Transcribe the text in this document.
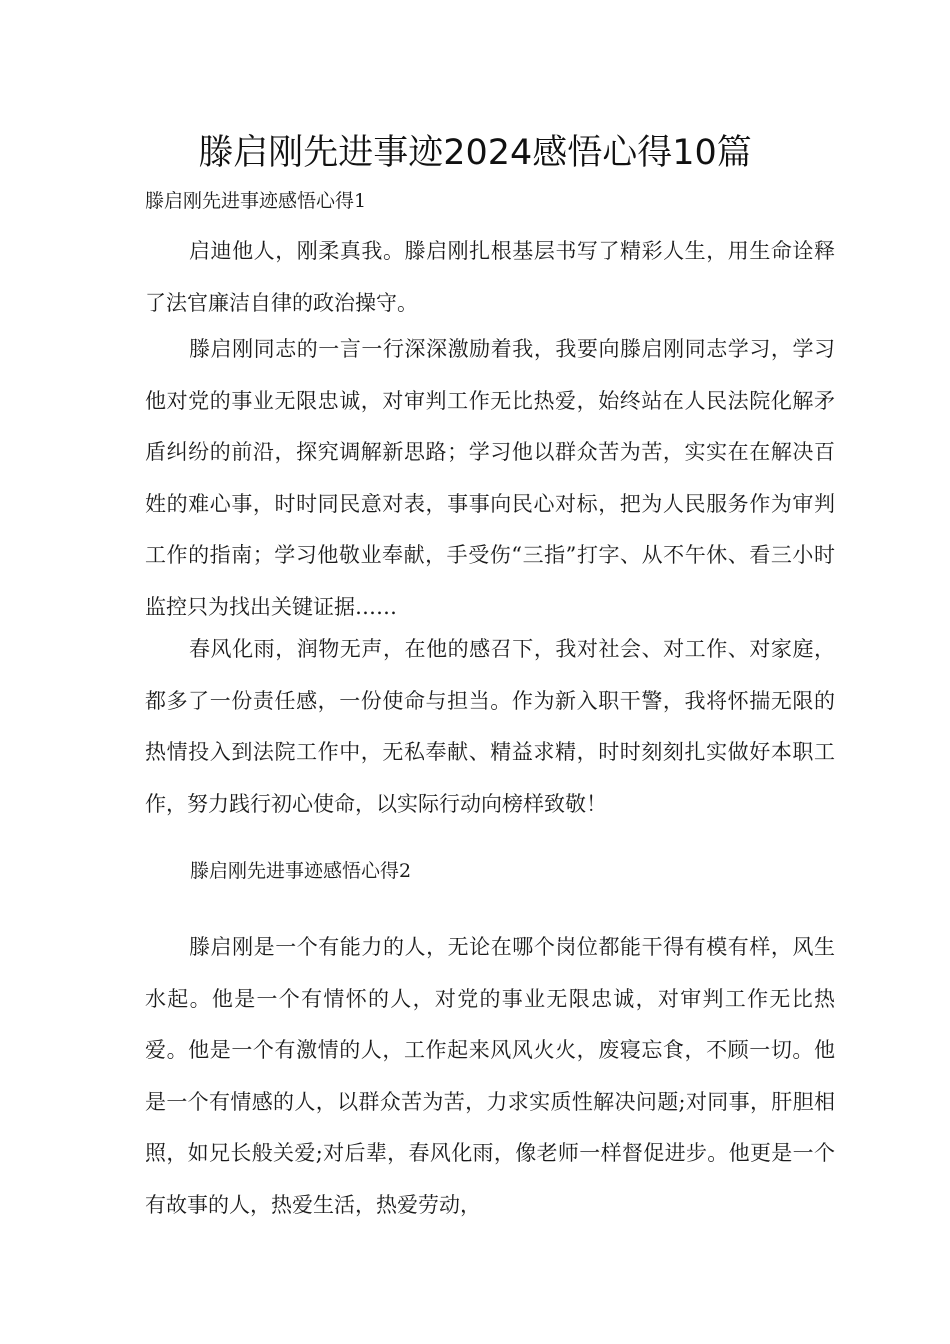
滕启刚先进事迹2024感悟心得10篇

滕启刚先进事迹感悟心得1

启迪他人，刚柔真我。滕启刚扎根基层书写了精彩人生，用生命诠释了法官廉洁自律的政治操守。

滕启刚同志的一言一行深深激励着我，我要向滕启刚同志学习，学习他对党的事业无限忠诚，对审判工作无比热爱，始终站在人民法院化解矛盾纠纷的前沿，探究调解新思路；学习他以群众苦为苦，实实在在解决百姓的难心事，时时同民意对表，事事向民心对标，把为人民服务作为审判工作的指南；学习他敬业奉献，手受伤“三指”打字、从不午休、看三小时监控只为找出关键证据……

春风化雨，润物无声，在他的感召下，我对社会、对工作、对家庭，都多了一份责任感，一份使命与担当。作为新入职干警，我将怀揣无限的热情投入到法院工作中，无私奉献、精益求精，时时刻刻扎实做好本职工作，努力践行初心使命，以实际行动向榜样致敬！

滕启刚先进事迹感悟心得2

滕启刚是一个有能力的人，无论在哪个岗位都能干得有模有样，风生水起。他是一个有情怀的人，对党的事业无限忠诚，对审判工作无比热爱。他是一个有激情的人，工作起来风风火火，废寝忘食，不顾一切。他是一个有情感的人，以群众苦为苦，力求实质性解决问题;对同事，肝胆相照，如兄长般关爱;对后辈，春风化雨，像老师一样督促进步。他更是一个有故事的人，热爱生活，热爱劳动，
